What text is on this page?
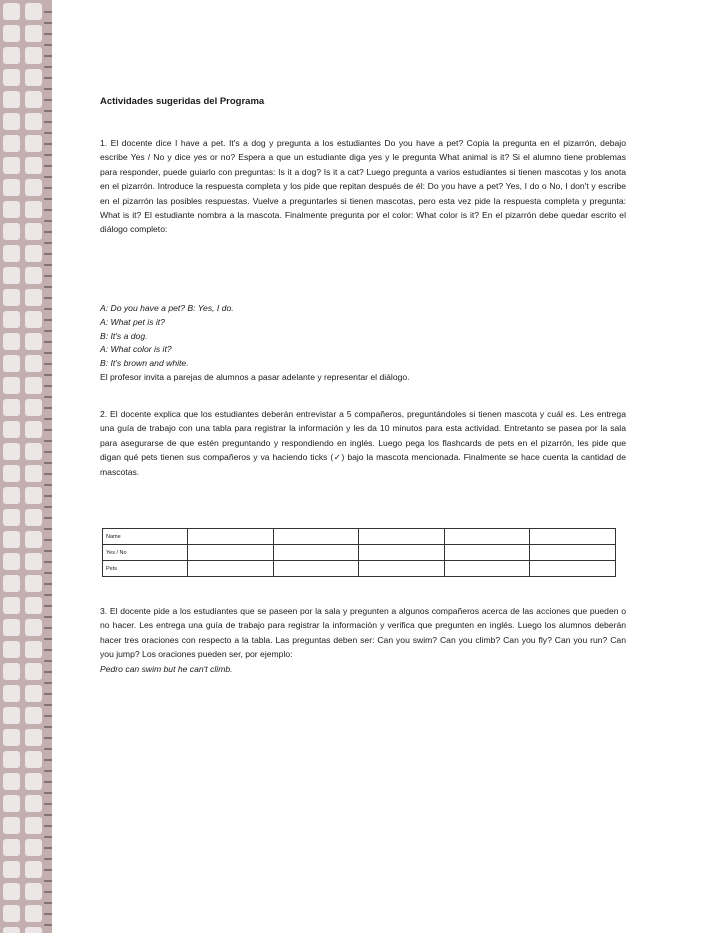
Actividades sugeridas del Programa

1. El docente dice I have a pet. It's a dog y pregunta a los estudiantes Do you have a pet? Copia la pregunta en el pizarrón, debajo escribe Yes / No y dice yes or no? Espera a que un estudiante diga yes y le pregunta What animal is it? Si el alumno tiene problemas para responder, puede guiarlo con preguntas: Is it a dog? Is it a cat? Luego pregunta a varios estudiantes si tienen mascotas y los anota en el pizarrón. Introduce la respuesta completa y los pide que repitan después de él: Do you have a pet? Yes, I do o No, I don't y escribe en el pizarrón las posibles respuestas. Vuelve a preguntarles si tienen mascotas, pero esta vez pide la respuesta completa y pregunta: What is it? El estudiante nombra a la mascota. Finalmente pregunta por el color: What color is it? En el pizarrón debe quedar escrito el diálogo completo:

A: Do you have a pet? B: Yes, I do.
A: What pet is it?
B: It's a dog.
A: What color is it?
B: It's brown and white.
El profesor invita a parejas de alumnos a pasar adelante y representar el diálogo.

2. El docente explica que los estudiantes deberán entrevistar a 5 compañeros, preguntándoles si tienen mascota y cuál es. Les entrega una guía de trabajo con una tabla para registrar la información y les da 10 minutos para esta actividad. Entretanto se pasea por la sala para asegurarse de que estén preguntando y respondiendo en inglés. Luego pega los flashcards de pets en el pizarrón, les pide que digan qué pets tienen sus compañeros y va haciendo ticks (✓) bajo la mascota mencionada. Finalmente se hace cuenta la cantidad de mascotas.

Name					
Yes / No					
Pets					

3. El docente pide a los estudiantes que se paseen por la sala y pregunten a algunos compañeros acerca de las acciones que pueden o no hacer. Les entrega una guía de trabajo para registrar la información y verifica que pregunten en inglés. Luego los alumnos deberán hacer tres oraciones con respecto a la tabla. Las preguntas deben ser: Can you swim? Can you climb? Can you fly? Can you run? Can you jump? Los oraciones pueden ser, por ejemplo:

Pedro can swim but he can't climb.
